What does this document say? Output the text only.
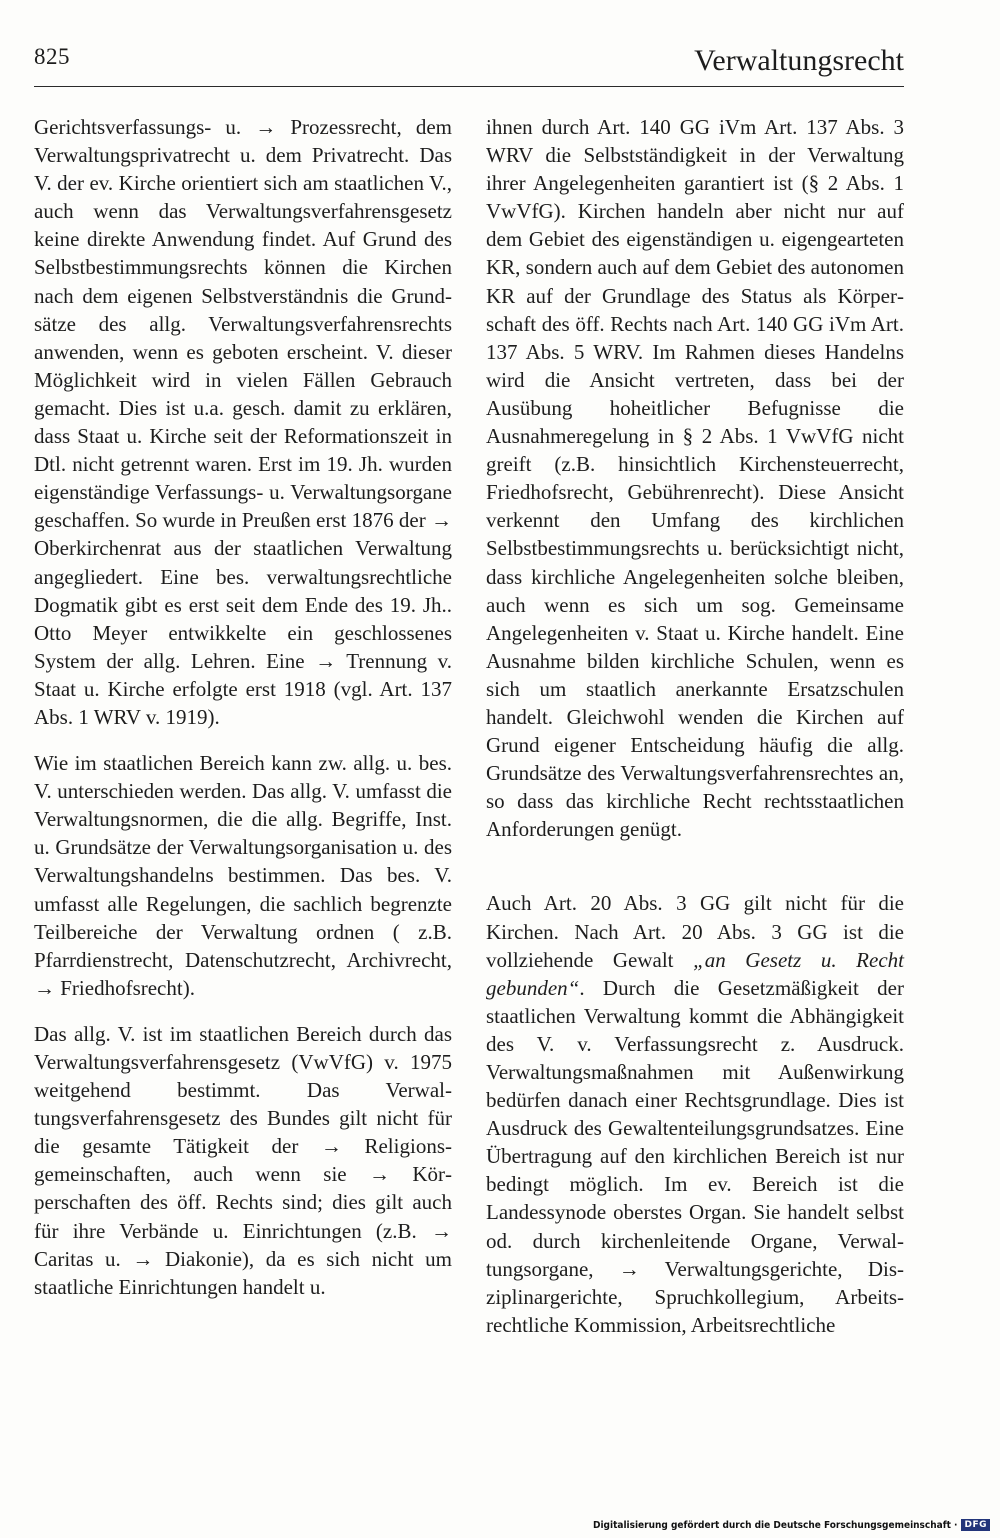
825	Verwaltungsrecht

Gerichtsverfassungs- u. → Prozessrecht, dem Verwaltungsprivatrecht u. dem Privatrecht. Das V. der ev. Kirche orientiert sich am staatlichen V., auch wenn das Verwaltungsverfahrensgesetz keine direkte Anwendung findet. Auf Grund des Selbstbestimmungsrechts können die Kirchen nach dem eigenen Selbstverständnis die Grundsätze des allg. Verwaltungsverfahrensrechts anwenden, wenn es geboten erscheint. V. dieser Möglichkeit wird in vielen Fällen Gebrauch gemacht. Dies ist u.a. gesch. damit zu erklären, dass Staat u. Kirche seit der Reformationszeit in Dtl. nicht getrennt waren. Erst im 19. Jh. wurden eigenständige Verfassungs- u. Verwaltungsorgane geschaffen. So wurde in Preußen erst 1876 der → Oberkirchenrat aus der staatlichen Verwaltung angegliedert. Eine bes. verwaltungsrechtliche Dogmatik gibt es erst seit dem Ende des 19. Jh.. Otto Meyer entwikkelte ein geschlossenes System der allg. Lehren. Eine → Trennung v. Staat u. Kirche erfolgte erst 1918 (vgl. Art. 137 Abs. 1 WRV v. 1919).

Wie im staatlichen Bereich kann zw. allg. u. bes. V. unterschieden werden. Das allg. V. umfasst die Verwaltungsnormen, die die allg. Begriffe, Inst. u. Grundsätze der Verwaltungsorganisation u. des Verwaltungshandelns bestimmen. Das bes. V. umfasst alle Regelungen, die sachlich begrenzte Teilbereiche der Verwaltung ordnen ( z.B. Pfarrdienstrecht, Datenschutzrecht, Archivrecht, → Friedhofsrecht).

Das allg. V. ist im staatlichen Bereich durch das Verwaltungsverfahrensgesetz (VwVfG) v. 1975 weitgehend bestimmt. Das Verwaltungsverfahrensgesetz des Bundes gilt nicht für die gesamte Tätigkeit der → Religionsgemeinschaften, auch wenn sie → Körperschaften des öff. Rechts sind; dies gilt auch für ihre Verbände u. Einrichtungen (z.B. → Caritas u. → Diakonie), da es sich nicht um staatliche Einrichtungen handelt u.

ihnen durch Art. 140 GG iVm Art. 137 Abs. 3 WRV die Selbstständigkeit in der Verwaltung ihrer Angelegenheiten garantiert ist (§ 2 Abs. 1 VwVfG). Kirchen handeln aber nicht nur auf dem Gebiet des eigenständigen u. eigengearteten KR, sondern auch auf dem Gebiet des autonomen KR auf der Grundlage des Status als Körperschaft des öff. Rechts nach Art. 140 GG iVm Art. 137 Abs. 5 WRV. Im Rahmen dieses Handelns wird die Ansicht vertreten, dass bei der Ausübung hoheitlicher Befugnisse die Ausnahmeregelung in § 2 Abs. 1 VwVfG nicht greift (z.B. hinsichtlich Kirchensteuerrecht, Friedhofsrecht, Gebührenrecht). Diese Ansicht verkennt den Umfang des kirchlichen Selbstbestimmungsrechts u. berücksichtigt nicht, dass kirchliche Angelegenheiten solche bleiben, auch wenn es sich um sog. Gemeinsame Angelegenheiten v. Staat u. Kirche handelt. Eine Ausnahme bilden kirchliche Schulen, wenn es sich um staatlich anerkannte Ersatzschulen handelt. Gleichwohl wenden die Kirchen auf Grund eigener Entscheidung häufig die allg. Grundsätze des Verwaltungsverfahrensrechtes an, so dass das kirchliche Recht rechtsstaatlichen Anforderungen genügt.

Auch Art. 20 Abs. 3 GG gilt nicht für die Kirchen. Nach Art. 20 Abs. 3 GG ist die vollziehende Gewalt „an Gesetz u. Recht gebunden“. Durch die Gesetzmäßigkeit der staatlichen Verwaltung kommt die Abhängigkeit des V. v. Verfassungsrecht z. Ausdruck. Verwaltungsmaßnahmen mit Außenwirkung bedürfen danach einer Rechtsgrundlage. Dies ist Ausdruck des Gewaltenteilungsgrundsatzes. Eine Übertragung auf den kirchlichen Bereich ist nur bedingt möglich. Im ev. Bereich ist die Landessynode oberstes Organ. Sie handelt selbst od. durch kirchenleitende Organe, Verwaltungsorgane, → Verwaltungsgerichte, Disziplinargerichte, Spruchkollegium, Arbeitsrechtliche Kommission, Arbeitsrechtliche

Digitalisierung gefördert durch die Deutsche Forschungsgemeinschaft · DFG
